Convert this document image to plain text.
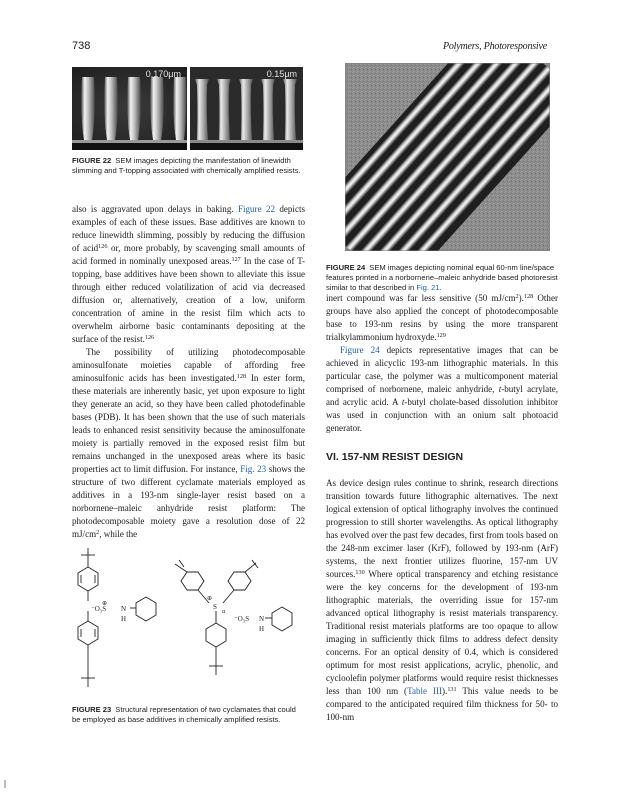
738	Polymers, Photoresponsive
0.170μm	0.15μm
FIGURE 22 SEM images depicting the manifestation of linewidth slimming and T-topping associated with chemically amplified resists.
FIGURE 24 SEM images depicting nominal equal 60-nm line/space features printed in a norbornene–maleic anhydride based photoresist similar to that described in Fig. 21.

also is aggravated upon delays in baking. Figure 22 depicts examples of each of these issues. Base additives are known to reduce linewidth slimming, possibly by reducing the diffusion of acid$^{126}$ or, more probably, by scavenging small amounts of acid formed in nominally unexposed areas.$^{127}$ In the case of T-topping, base additives have been shown to alleviate this issue through either reduced volatilization of acid via decreased diffusion or, alternatively, creation of a low, uniform concentration of amine in the resist film which acts to overwhelm airborne basic contaminants depositing at the surface of the resist.$^{126}$

The possibility of utilizing photodecomposable aminosulfonate moieties capable of affording free aminosulfonic acids has been investigated.$^{128}$ In ester form, these materials are inherently basic, yet upon exposure to light they generate an acid, so they have been called photodefinable bases (PDB). It has been shown that the use of such materials leads to enhanced resist sensitivity because the aminosulfonate moiety is partially removed in the exposed resist film but remains unchanged in the unexposed areas where its basic properties act to limit diffusion. For instance, Fig. 23 shows the structure of two different cyclamate materials employed as additives in a 193-nm single-layer resist based on a norbornene–maleic anhydride resist platform: The photodecomposable moiety gave a resolution dose of 22 $mJ/cm^2$, while the

⊕
⁻O₃S N
H
S
⊕
α
⁻O₃S N
H
FIGURE 23 Structural representation of two cyclamates that could be employed as base additives in chemically amplified resists.

inert compound was far less sensitive (50 $mJ/cm^2).^{128}$ Other groups have also applied the concept of photodecomposable base to 193-nm resins by using the more transparent trialkylammonium hydroxyde.$^{129}$

Figure 24 depicts representative images that can be achieved in alicyclic 193-nm lithographic materials. In this particular case, the polymer was a multicomponent material comprised of norbornene, maleic anhydride, t-butyl acrylate, and acrylic acid. A t-butyl cholate-based dissolution inhibitor was used in conjunction with an onium salt photoacid generator.

VI. 157-NM RESIST DESIGN

As device design rules continue to shrink, research directions transition towards future lithographic alternatives. The next logical extension of optical lithography involves the continued progression to still shorter wavelengths. As optical lithography has evolved over the past few decades, first from tools based on the 248-nm excimer laser (KrF), followed by 193-nm (ArF) systems, the next frontier utilizes fluorine, 157-nm UV sources.$^{130}$ Where optical transparency and etching resistance were the key concerns for the development of 193-nm lithographic materials, the overriding issue for 157-nm advanced optical lithography is resist materials transparency. Traditional resist materials platforms are too opaque to allow imaging in sufficiently thick films to address defect density concerns. For an optical density of 0.4, which is considered optimum for most resist applications, acrylic, phenolic, and cycloolefin polymer platforms would require resist thicknesses less than 100 nm (Table III).$^{131}$ This value needs to be compared to the anticipated required film thickness for 50- to 100-nm
